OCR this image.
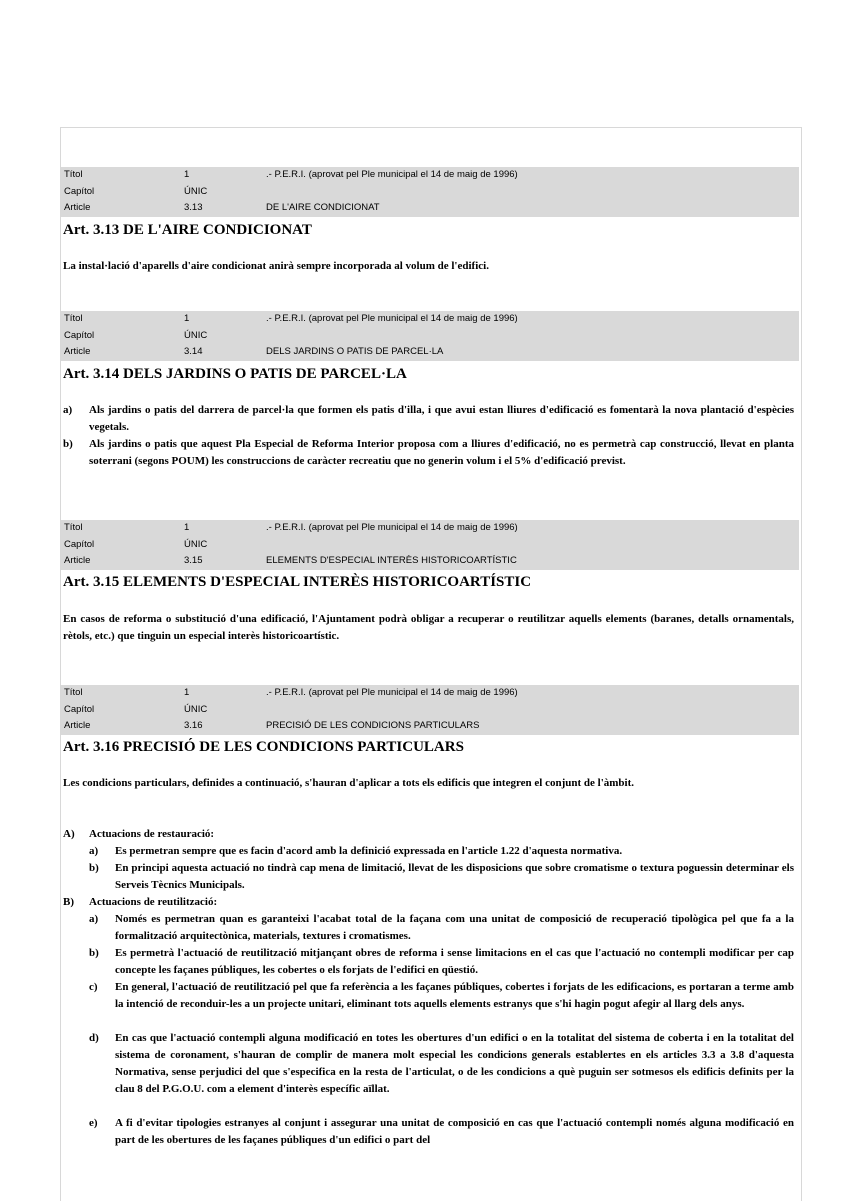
Títol	1	.- P.E.R.I. (aprovat pel Ple municipal el 14 de maig de 1996)
Capítol	ÚNIC
Article	3.13	DE L'AIRE CONDICIONAT
Art. 3.13 DE L'AIRE CONDICIONAT
La instal·lació d'aparells d'aire condicionat anirà sempre incorporada al volum de l'edifici.
Títol	1	.- P.E.R.I. (aprovat pel Ple municipal el 14 de maig de 1996)
Capítol	ÚNIC
Article	3.14	DELS JARDINS O PATIS DE PARCEL·LA
Art. 3.14 DELS JARDINS O PATIS DE PARCEL·LA
a) Als jardins o patis del darrera de parcel·la que formen els patis d'illa, i que avui estan lliures d'edificació es fomentarà la nova plantació d'espècies vegetals.
b) Als jardins o patis que aquest Pla Especial de Reforma Interior proposa com a lliures d'edificació, no es permetrà cap construcció, llevat en planta soterrani (segons POUM) les construccions de caràcter recreatiu que no generin volum i el 5% d'edificació previst.
Títol	1	.- P.E.R.I. (aprovat pel Ple municipal el 14 de maig de 1996)
Capítol	ÚNIC
Article	3.15	ELEMENTS D'ESPECIAL INTERÈS HISTORICOARTÍSTIC
Art. 3.15 ELEMENTS D'ESPECIAL INTERÈS HISTORICOARTÍSTIC
En casos de reforma o substitució d'una edificació, l'Ajuntament podrà obligar a recuperar o reutilitzar aquells elements (baranes, detalls ornamentals, rètols, etc.) que tinguin un especial interès historicoartístic.
Títol	1	.- P.E.R.I. (aprovat pel Ple municipal el 14 de maig de 1996)
Capítol	ÚNIC
Article	3.16	PRECISIÓ DE LES CONDICIONS PARTICULARS
Art. 3.16 PRECISIÓ DE LES CONDICIONS PARTICULARS
Les condicions particulars, definides a continuació, s'hauran d'aplicar a tots els edificis que integren el conjunt de l'àmbit.
A) Actuacions de restauració:
a) Es permetran sempre que es facin d'acord amb la definició expressada en l'article 1.22 d'aquesta normativa.
b) En principi aquesta actuació no tindrà cap mena de limitació, llevat de les disposicions que sobre cromatisme o textura poguessin determinar els Serveis Tècnics Municipals.
B) Actuacions de reutilització:
a) Només es permetran quan es garanteixi l'acabat total de la façana com una unitat de composició de recuperació tipològica pel que fa a la formalització arquitectònica, materials, textures i cromatismes.
b) Es permetrà l'actuació de reutilització mitjançant obres de reforma i sense limitacions en el cas que l'actuació no contempli modificar per cap concepte les façanes públiques, les cobertes o els forjats de l'edifici en qüestió.
c) En general, l'actuació de reutilització pel que fa referència a les façanes públiques, cobertes i forjats de les edificacions, es portaran a terme amb la intenció de reconduir-les a un projecte unitari, eliminant tots aquells elements estranys que s'hi hagin pogut afegir al llarg dels anys.
d) En cas que l'actuació contempli alguna modificació en totes les obertures d'un edifici o en la totalitat del sistema de coberta i en la totalitat del sistema de coronament, s'hauran de complir de manera molt especial les condicions generals establertes en els articles 3.3 a 3.8 d'aquesta Normativa, sense perjudici del que s'especifica en la resta de l'articulat, o de les condicions a què puguin ser sotmesos els edificis definits per la clau 8 del P.G.O.U. com a element d'interès específic aïllat.
e) A fi d'evitar tipologies estranyes al conjunt i assegurar una unitat de composició en cas que l'actuació contempli només alguna modificació en part de les obertures de les façanes públiques d'un edifici o part del
